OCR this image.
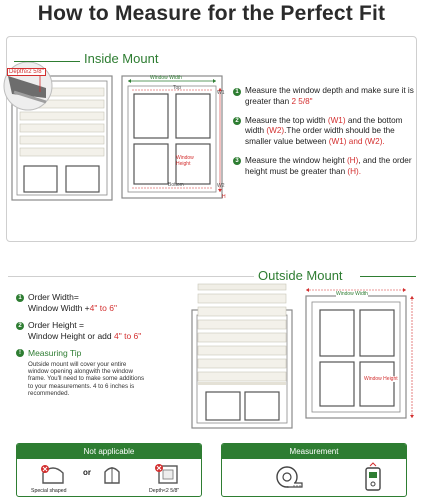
How to Measure for the Perfect Fit
Inside Mount
Depth≥2 5/8"
Window Width
Top
Bottom
W1
W2
H
Window
Height
1 Measure the window depth and make sure it is greater than 2 5/8"
2 Measure the top width (W1) and the bottom width (W2).The order width should be the smaller value between (W1) and (W2).
3 Measure the window height (H), and the order height must be greater than (H).
Outside Mount
1 Order Width=
Window Width +4" to 6"
2 Order Height =
Window Height or add 4" to 6"
! Measuring Tip
Outside mount will cover your entire window opening alongwith the window frame. You'll need to make some additions to your measurements. 4 to 6 inches is recommended.
Window Width
Window Height
Not applicable
or
Special shaped	Depth<2 5/8"
Measurement
